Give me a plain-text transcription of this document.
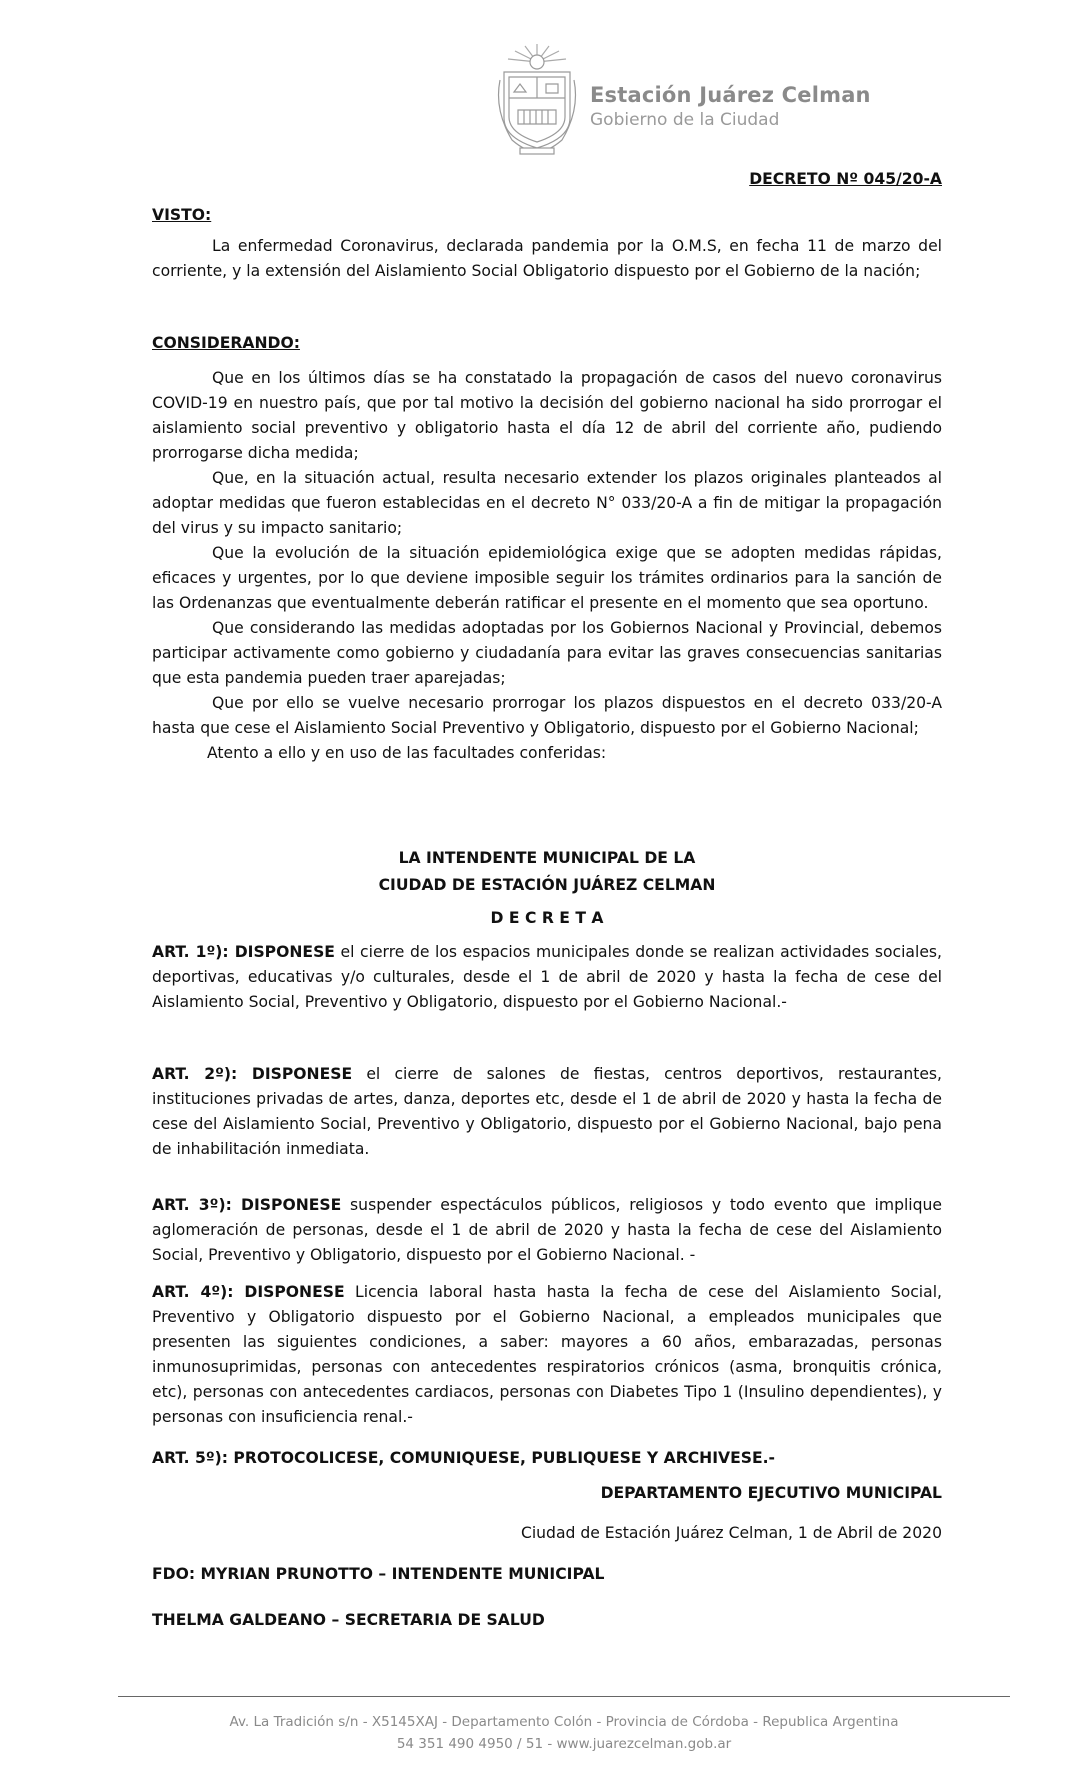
Estación Juárez Celman
Gobierno de la Ciudad
DECRETO Nº 045/20-A
VISTO:
La enfermedad Coronavirus, declarada pandemia por la O.M.S, en fecha 11 de marzo del corriente, y la extensión del Aislamiento Social Obligatorio dispuesto por el Gobierno de la nación;
CONSIDERANDO:
Que en los últimos días se ha constatado la propagación de casos del nuevo coronavirus COVID-19 en nuestro país, que por tal motivo la decisión del gobierno nacional ha sido prorrogar el aislamiento social preventivo y obligatorio hasta el día 12 de abril del corriente año, pudiendo prorrogarse dicha medida;
Que, en la situación actual, resulta necesario extender los plazos originales planteados al adoptar medidas que fueron establecidas en el decreto N° 033/20-A a fin de mitigar la propagación del virus y su impacto sanitario;
Que la evolución de la situación epidemiológica exige que se adopten medidas rápidas, eficaces y urgentes, por lo que deviene imposible seguir los trámites ordinarios para la sanción de las Ordenanzas que eventualmente deberán ratificar el presente en el momento que sea oportuno.
Que considerando las medidas adoptadas por los Gobiernos Nacional y Provincial, debemos participar activamente como gobierno y ciudadanía para evitar las graves consecuencias sanitarias que esta pandemia pueden traer aparejadas;
Que por ello se vuelve necesario prorrogar los plazos dispuestos en el decreto 033/20-A hasta que cese el Aislamiento Social Preventivo y Obligatorio, dispuesto por el Gobierno Nacional;
Atento a ello y en uso de las facultades conferidas:
LA INTENDENTE MUNICIPAL DE LA
CIUDAD DE ESTACIÓN JUÁREZ CELMAN
D E C R E T A
ART. 1º): DISPONESE el cierre de los espacios municipales donde se realizan actividades sociales, deportivas, educativas y/o culturales, desde el 1 de abril de 2020 y hasta la fecha de cese del Aislamiento Social, Preventivo y Obligatorio, dispuesto por el Gobierno Nacional.-
ART. 2º): DISPONESE el cierre de salones de fiestas, centros deportivos, restaurantes, instituciones privadas de artes, danza, deportes etc, desde el 1 de abril de 2020 y hasta la fecha de cese del Aislamiento Social, Preventivo y Obligatorio, dispuesto por el Gobierno Nacional, bajo pena de inhabilitación inmediata.
ART. 3º): DISPONESE suspender espectáculos públicos, religiosos y todo evento que implique aglomeración de personas, desde el 1 de abril de 2020 y hasta la fecha de cese del Aislamiento Social, Preventivo y Obligatorio, dispuesto por el Gobierno Nacional. -
ART. 4º): DISPONESE Licencia laboral hasta hasta la fecha de cese del Aislamiento Social, Preventivo y Obligatorio dispuesto por el Gobierno Nacional, a empleados municipales que presenten las siguientes condiciones, a saber: mayores a 60 años, embarazadas, personas inmunosuprimidas, personas con antecedentes respiratorios crónicos (asma, bronquitis crónica, etc), personas con antecedentes cardiacos, personas con Diabetes Tipo 1 (Insulino dependientes), y personas con insuficiencia renal.-
ART. 5º): PROTOCOLICESE, COMUNIQUESE, PUBLIQUESE Y ARCHIVESE.-
DEPARTAMENTO EJECUTIVO MUNICIPAL
Ciudad de Estación Juárez Celman, 1 de Abril de 2020
FDO: MYRIAN PRUNOTTO – INTENDENTE MUNICIPAL
THELMA GALDEANO – SECRETARIA DE SALUD
Av. La Tradición s/n - X5145XAJ - Departamento Colón - Provincia de Córdoba - Republica Argentina
54 351 490 4950 / 51 - www.juarezcelman.gob.ar
